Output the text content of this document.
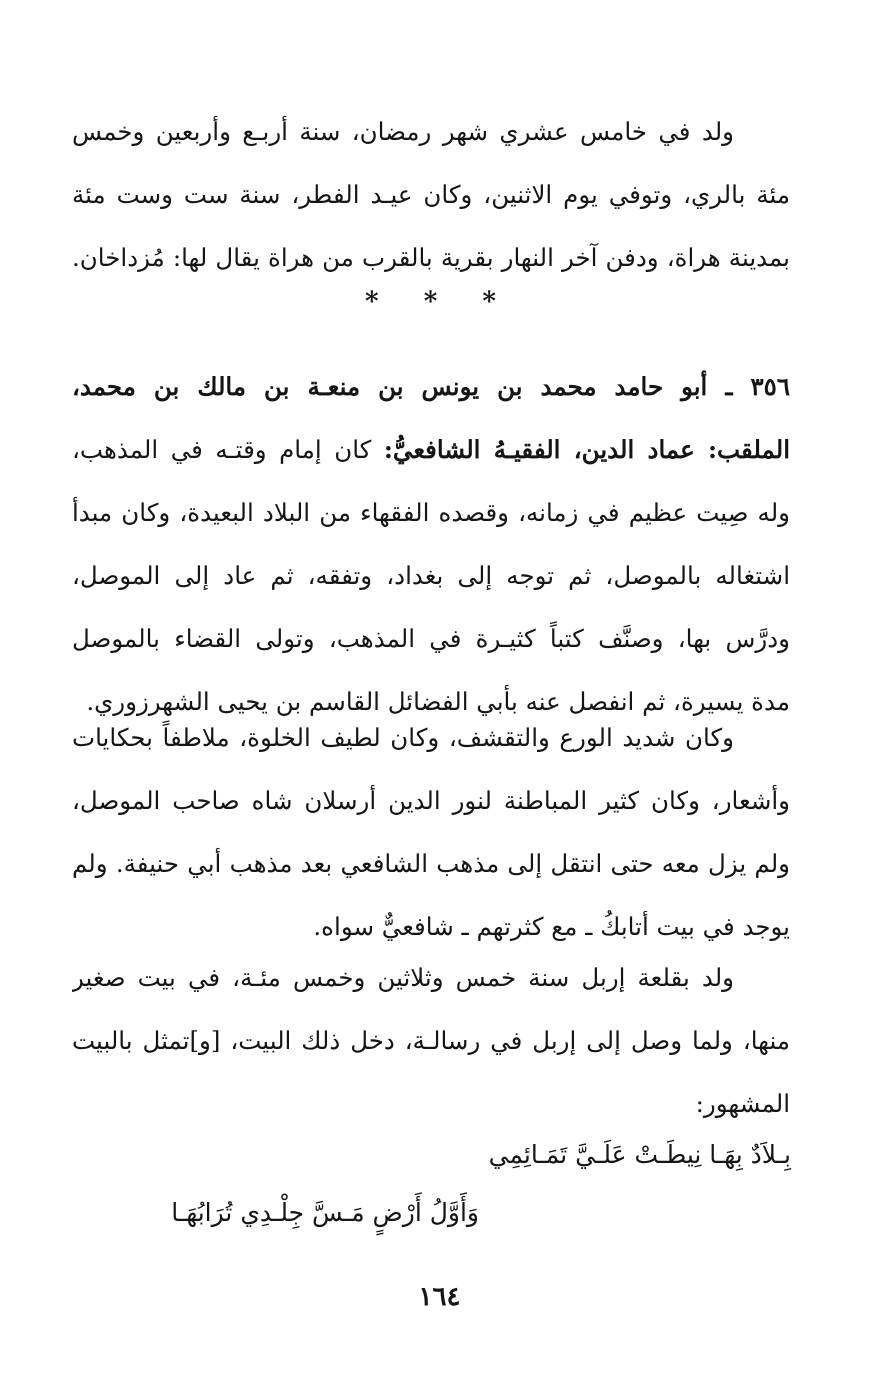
ولد في خامس عشري شهر رمضان، سنة أربـع وأربعين وخمس
مئة بالري، وتوفي يوم الاثنين، وكان عيـد الفطر، سنة ست وست مئة
بمدينة هراة، ودفن آخر النهار بقرية بالقرب من هراة يقال لها: مُزداخان.
* * *
٣٥٦ ـ أبو حامد محمد بن يونس بن منعـة بن مالك بن محمد،
الملقب: عماد الدين، الفقيـهُ الشافعيُّ: كان إمام وقتـه في المذهب،
وله صِيت عظيم في زمانه، وقصده الفقهاء من البلاد البعيدة، وكان مبدأ
اشتغاله بالموصل، ثم توجه إلى بغداد، وتفقه، ثم عاد إلى الموصل،
ودرَّس بها، وصنَّف كتباً كثيـرة في المذهب، وتولى القضاء بالموصل
مدة يسيرة، ثم انفصل عنه بأبي الفضائل القاسم بن يحيى الشهرزوري.
وكان شديد الورع والتقشف، وكان لطيف الخلوة، ملاطفاً بحكايات
وأشعار، وكان كثير المباطنة لنور الدين أرسلان شاه صاحب الموصل،
ولم يزل معه حتى انتقل إلى مذهب الشافعي بعد مذهب أبي حنيفة. ولم
يوجد في بيت أتابكُ ـ مع كثرتهم ـ شافعيٌّ سواه.
ولد بقلعة إربل سنة خمس وثلاثين وخمس مئـة، في بيت صغير
منها، ولما وصل إلى إربل في رسالـة، دخل ذلك البيت، [و]تمثل بالبيت
المشهور:
بِـلاَدٌ بِهَـا نِيطَـتْ عَلَـيَّ تَمَـائِمِي
وَأَوَّلُ أَرْضٍ مَـسَّ جِلْـدِي تُرَابُهَـا
١٦٤
